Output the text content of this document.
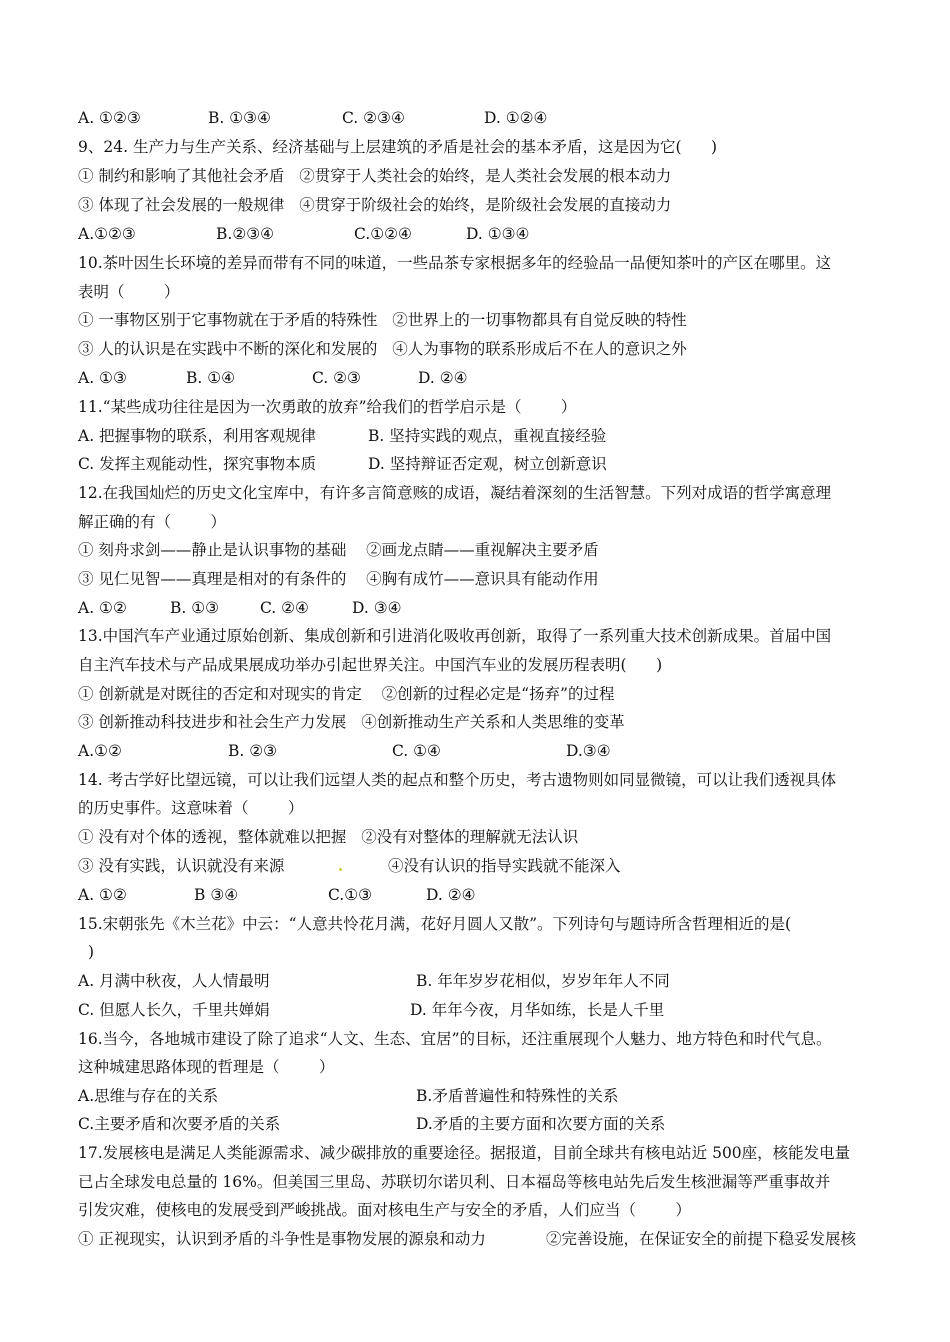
A. ①②③	B. ①③④	C. ②③④	D. ①②④
9、24. 生产力与生产关系、经济基础与上层建筑的矛盾是社会的基本矛盾，这是因为它(      )
① 制约和影响了其他社会矛盾   ②贯穿于人类社会的始终，是人类社会发展的根本动力
③ 体现了社会发展的一般规律   ④贯穿于阶级社会的始终，是阶级社会发展的直接动力
A.①②③	B.②③④	C.①②④	D. ①③④
10.茶叶因生长环境的差异而带有不同的味道，一些品茶专家根据多年的经验品一品便知茶叶的产区在哪里。这
表明（        ）
① 一事物区别于它事物就在于矛盾的特殊性   ②世界上的一切事物都具有自觉反映的特性
③ 人的认识是在实践中不断的深化和发展的   ④人为事物的联系形成后不在人的意识之外
A. ①③	B. ①④	C. ②③	D. ②④
11.“某些成功往往是因为一次勇敢的放弃”给我们的哲学启示是（        ）
A. 把握事物的联系，利用客观规律	B. 坚持实践的观点，重视直接经验
C. 发挥主观能动性，探究事物本质	D. 坚持辩证否定观，树立创新意识
12.在我国灿烂的历史文化宝库中，有许多言简意赅的成语，凝结着深刻的生活智慧。下列对成语的哲学寓意理
解正确的有（        ）
① 刻舟求剑——静止是认识事物的基础    ②画龙点睛——重视解决主要矛盾
③ 见仁见智——真理是相对的有条件的    ④胸有成竹——意识具有能动作用
A. ①②	B. ①③	C. ②④	D. ③④
13.中国汽车产业通过原始创新、集成创新和引进消化吸收再创新，取得了一系列重大技术创新成果。首届中国
自主汽车技术与产品成果展成功举办引起世界关注。中国汽车业的发展历程表明(      )
① 创新就是对既往的否定和对现实的肯定    ②创新的过程必定是“扬弃”的过程
③ 创新推动科技进步和社会生产力发展   ④创新推动生产关系和人类思维的变革
A.①②	B. ②③	C. ①④	D.③④
14. 考古学好比望远镜，可以让我们远望人类的起点和整个历史，考古遗物则如同显微镜，可以让我们透视具体
的历史事件。这意味着（        ）
① 没有对个体的透视，整体就难以把握   ②没有对整体的理解就无法认识
③ 没有实践，认识就没有来源	④没有认识的指导实践就不能深入
A. ①②	B ③④	C.①③	D. ②④
15.宋朝张先《木兰花》中云：“人意共怜花月满，花好月圆人又散”。下列诗句与题诗所含哲理相近的是(
)
A. 月满中秋夜，人人情最明	B. 年年岁岁花相似，岁岁年年人不同
C. 但愿人长久，千里共婵娟	D. 年年今夜，月华如练，长是人千里
16.当今，各地城市建设了除了追求“人文、生态、宜居”的目标，还注重展现个人魅力、地方特色和时代气息。
这种城建思路体现的哲理是（        ）
A.思维与存在的关系	B.矛盾普遍性和特殊性的关系
C.主要矛盾和次要矛盾的关系	D.矛盾的主要方面和次要方面的关系
17.发展核电是满足人类能源需求、减少碳排放的重要途径。据报道，目前全球共有核电站近 500座，核能发电量
已占全球发电总量的 16%。但美国三里岛、苏联切尔诺贝利、日本福岛等核电站先后发生核泄漏等严重事故并
引发灾难，使核电的发展受到严峻挑战。面对核电生产与安全的矛盾，人们应当（        ）
① 正视现实，认识到矛盾的斗争性是事物发展的源泉和动力	②完善设施，在保证安全的前提下稳妥发展核
